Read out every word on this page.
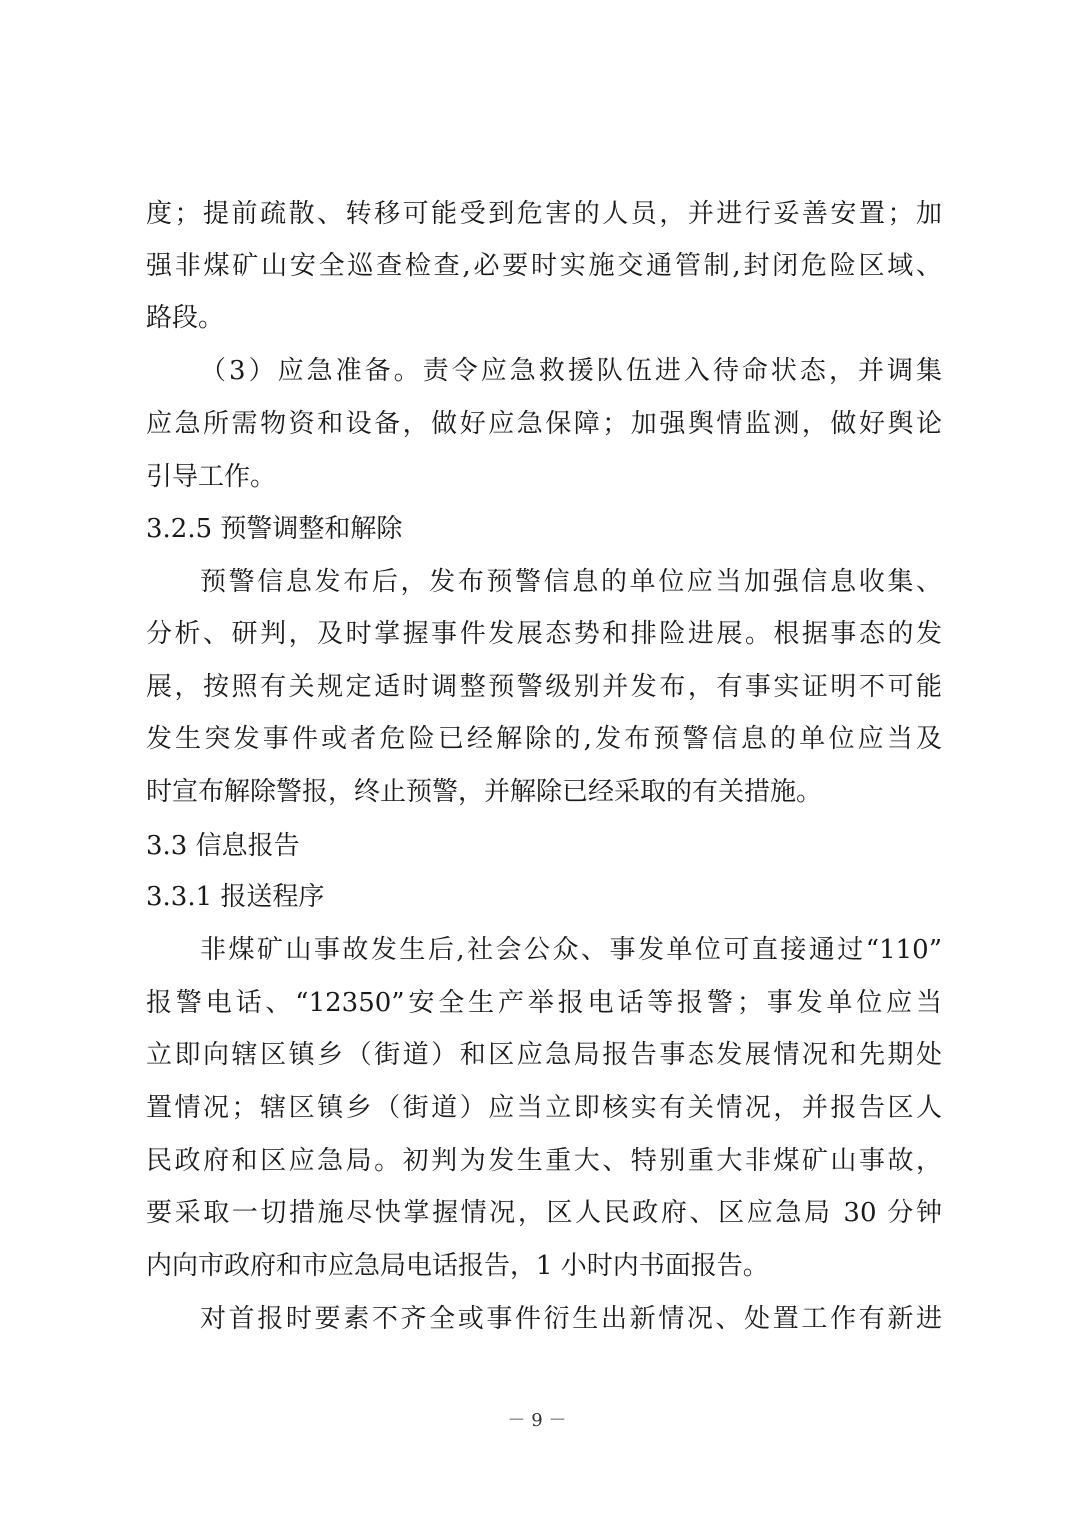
度；提前疏散、转移可能受到危害的人员，并进行妥善安置；加
强非煤矿山安全巡查检查,必要时实施交通管制,封闭危险区域、
路段。
（3）应急准备。责令应急救援队伍进入待命状态，并调集
应急所需物资和设备，做好应急保障；加强舆情监测，做好舆论
引导工作。
3.2.5 预警调整和解除
预警信息发布后，发布预警信息的单位应当加强信息收集、
分析、研判，及时掌握事件发展态势和排险进展。根据事态的发
展，按照有关规定适时调整预警级别并发布，有事实证明不可能
发生突发事件或者危险已经解除的,发布预警信息的单位应当及
时宣布解除警报，终止预警，并解除已经采取的有关措施。
3.3 信息报告
3.3.1 报送程序
非煤矿山事故发生后,社会公众、事发单位可直接通过“110”
报警电话、“12350”安全生产举报电话等报警；事发单位应当
立即向辖区镇乡（街道）和区应急局报告事态发展情况和先期处
置情况；辖区镇乡（街道）应当立即核实有关情况，并报告区人
民政府和区应急局。初判为发生重大、特别重大非煤矿山事故，
要采取一切措施尽快掌握情况，区人民政府、区应急局 30 分钟
内向市政府和市应急局电话报告，1 小时内书面报告。
对首报时要素不齐全或事件衍生出新情况、处置工作有新进
－ 9 －
